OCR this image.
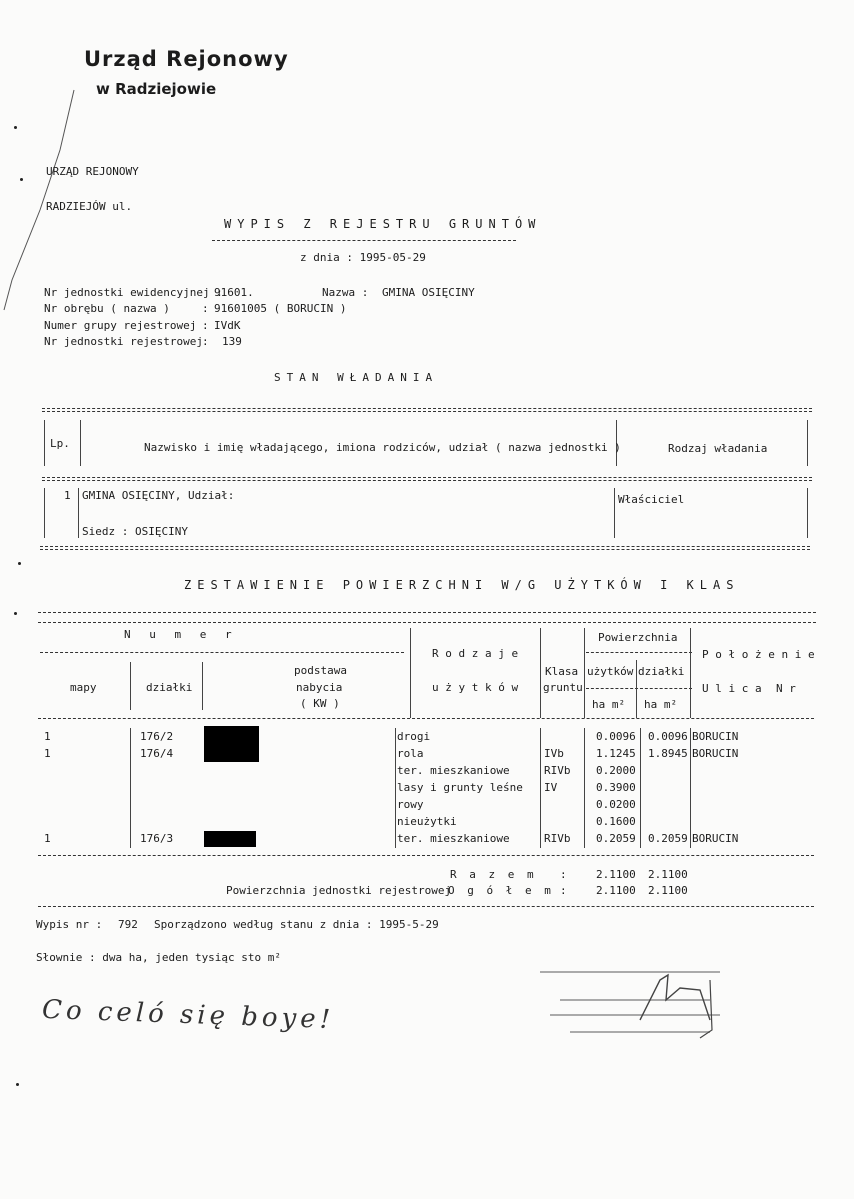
Urząd Rejonowy
w Radziejowie
URZĄD REJONOWY
RADZIEJÓW ul.
WYPIS Z REJESTRU GRUNTÓW
z dnia : 1995-05-29
Nr jednostki ewidencyjnej :
91601.	Nazwa : GMINA OSIĘCINY
Nr obrębu ( nazwa )	: 91601005 ( BORUCIN )
Numer grupy rejestrowej : IVdK
Nr jednostki rejestrowej : 139
STAN WŁADANIA
Lp.	Nazwisko i imię władającego, imiona rodziców, udział ( nazwa jednostki )	Rodzaj władania
1 GMINA OSIĘCINY, Udział:	Właściciel
Siedz : OSIĘCINY
ZESTAWIENIE POWIERZCHNI W/G UŻYTKÓW I KLAS
N u m e r
mapy	działki
podstawa
nabycia
( KW )
R o d z a j e
u ż y t k ó w
Klasa
gruntu
Powierzchnia
użytków działki
ha m² ha m²
P o ł o ż e n i e
U l i c a N r
1	176/2	drogi	0.0096 0.0096 BORUCIN
1	176/4	rola	IVb	1.1245 1.8945 BORUCIN
ter. mieszkaniowe	RIVb 0.2000
lasy i grunty leśne IV	0.3900
rowy	0.0200
nieużytki	0.1600
1	176/3	ter. mieszkaniowe	RIVb 0.2059 0.2059 BORUCIN
R a z e m :	2.1100 2.1100
Powierzchnia jednostki rejestrowej
O g ó ł e m :	2.1100 2.1100
Wypis nr : 792 Sporządzono według stanu z dnia : 1995-5-29
Słownie : dwa ha, jeden tysiąc sto m²
Co celó się boye!
